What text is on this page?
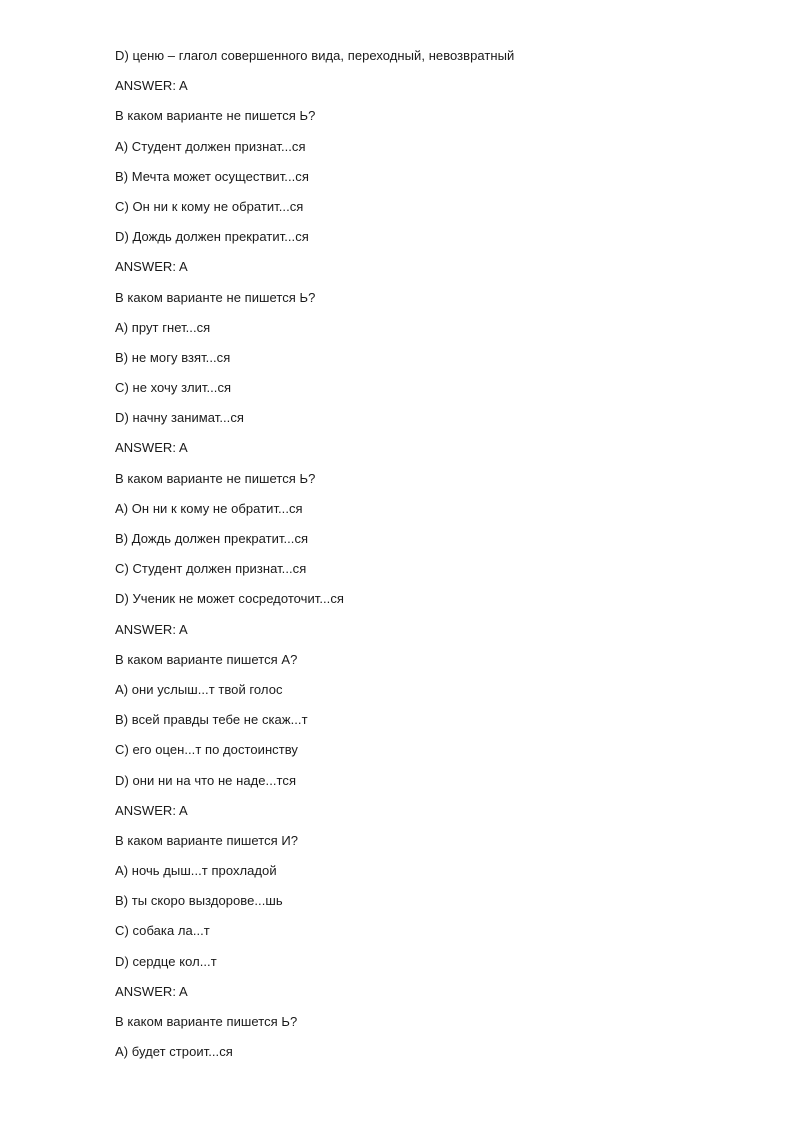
D) ценю – глагол совершенного вида, переходный, невозвратный
ANSWER: A
В каком варианте не пишется Ь?
A) Студент должен признат...ся
B) Мечта может осуществит...ся
C) Он ни к кому не обратит...ся
D) Дождь должен прекратит...ся
ANSWER: A
В каком варианте не пишется Ь?
A) прут гнет...ся
B) не могу взят...ся
C) не хочу злит...ся
D) начну занимат...ся
ANSWER: A
В каком варианте не пишется Ь?
A) Он ни к кому не обратит...ся
B) Дождь должен прекратит...ся
C) Студент должен признат...ся
D) Ученик не может сосредоточит...ся
ANSWER: A
В каком варианте пишется А?
A) они услыш...т твой голос
B) всей правды тебе не скаж...т
C) его оцен...т по достоинству
D) они ни на что не наде...тся
ANSWER: A
В каком варианте пишется И?
A) ночь дыш...т прохладой
B) ты скоро выздорове...шь
C) собака ла...т
D) сердце кол...т
ANSWER: A
В каком варианте пишется Ь?
A) будет строит...ся
